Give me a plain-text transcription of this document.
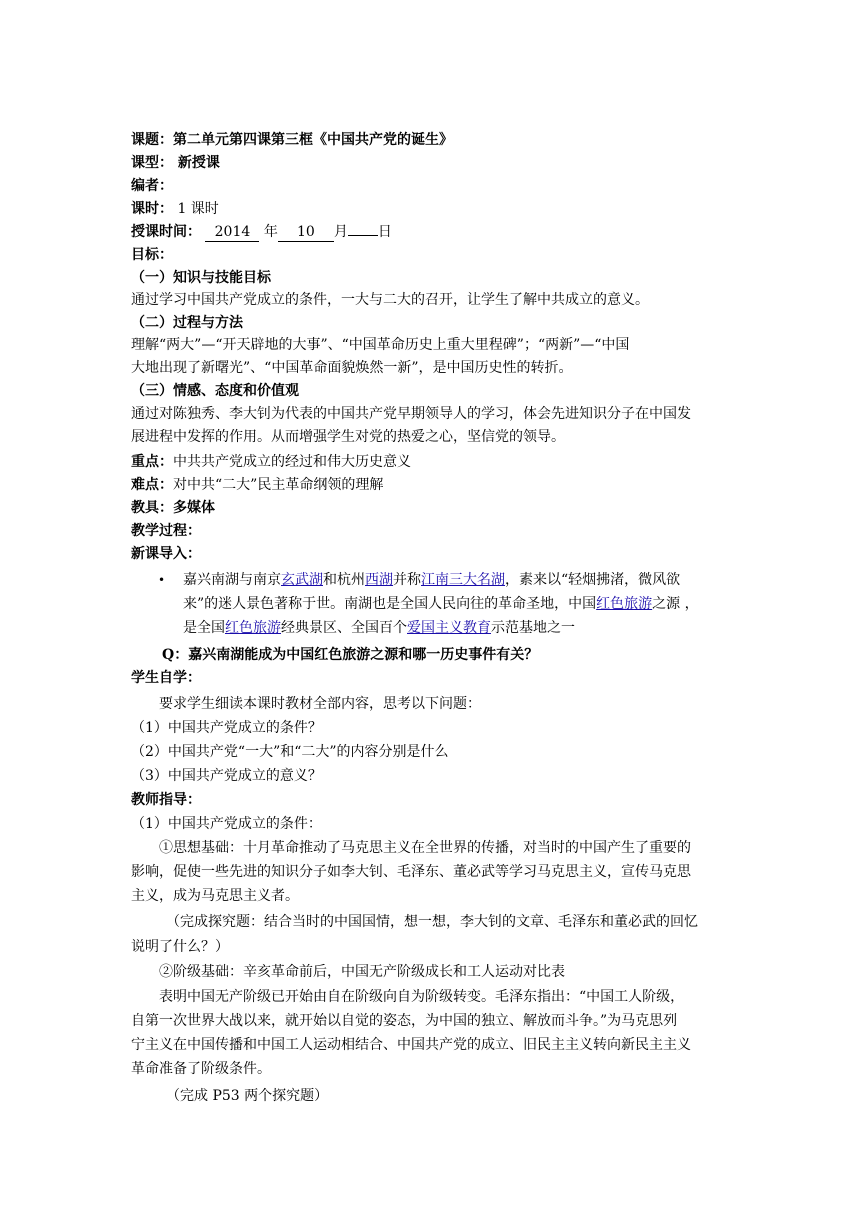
课题：第二单元第四课第三框《中国共产党的诞生》
课型： 新授课
编者：
课时： 1 课时
授课时间： 2014 年 10 月 日
目标：
（一）知识与技能目标
通过学习中国共产党成立的条件，一大与二大的召开，让学生了解中共成立的意义。
（二）过程与方法
理解“两大”—“开天辟地的大事”、“中国革命历史上重大里程碑”；“两新”—“中国
大地出现了新曙光”、“中国革命面貌焕然一新”，是中国历史性的转折。
（三）情感、态度和价值观
通过对陈独秀、李大钊为代表的中国共产党早期领导人的学习，体会先进知识分子在中国发
展进程中发挥的作用。从而增强学生对党的热爱之心，坚信党的领导。
重点：中共共产党成立的经过和伟大历史意义
难点：对中共“二大”民主革命纲领的理解
教具：多媒体
教学过程：
新课导入：
• 嘉兴南湖与南京玄武湖和杭州西湖并称江南三大名湖，素来以“轻烟拂渚，微风欲
来”的迷人景色著称于世。南湖也是全国人民向往的革命圣地，中国红色旅游之源 ，
是全国红色旅游经典景区、全国百个爱国主义教育示范基地之一
Q：嘉兴南湖能成为中国红色旅游之源和哪一历史事件有关？
学生自学：
要求学生细读本课时教材全部内容，思考以下问题：
（1）中国共产党成立的条件？
（2）中国共产党“一大”和“二大”的内容分别是什么
（3）中国共产党成立的意义？
教师指导：
（1）中国共产党成立的条件：
①思想基础：十月革命推动了马克思主义在全世界的传播，对当时的中国产生了重要的
影响，促使一些先进的知识分子如李大钊、毛泽东、董必武等学习马克思主义，宣传马克思
主义，成为马克思主义者。
（完成探究题：结合当时的中国国情，想一想，李大钊的文章、毛泽东和董必武的回忆
说明了什么？）
②阶级基础：辛亥革命前后，中国无产阶级成长和工人运动对比表
表明中国无产阶级已开始由自在阶级向自为阶级转变。毛泽东指出：“中国工人阶级，
自第一次世界大战以来，就开始以自觉的姿态，为中国的独立、解放而斗争。”为马克思列
宁主义在中国传播和中国工人运动相结合、中国共产党的成立、旧民主主义转向新民主主义
革命准备了阶级条件。
（完成 P53 两个探究题）
